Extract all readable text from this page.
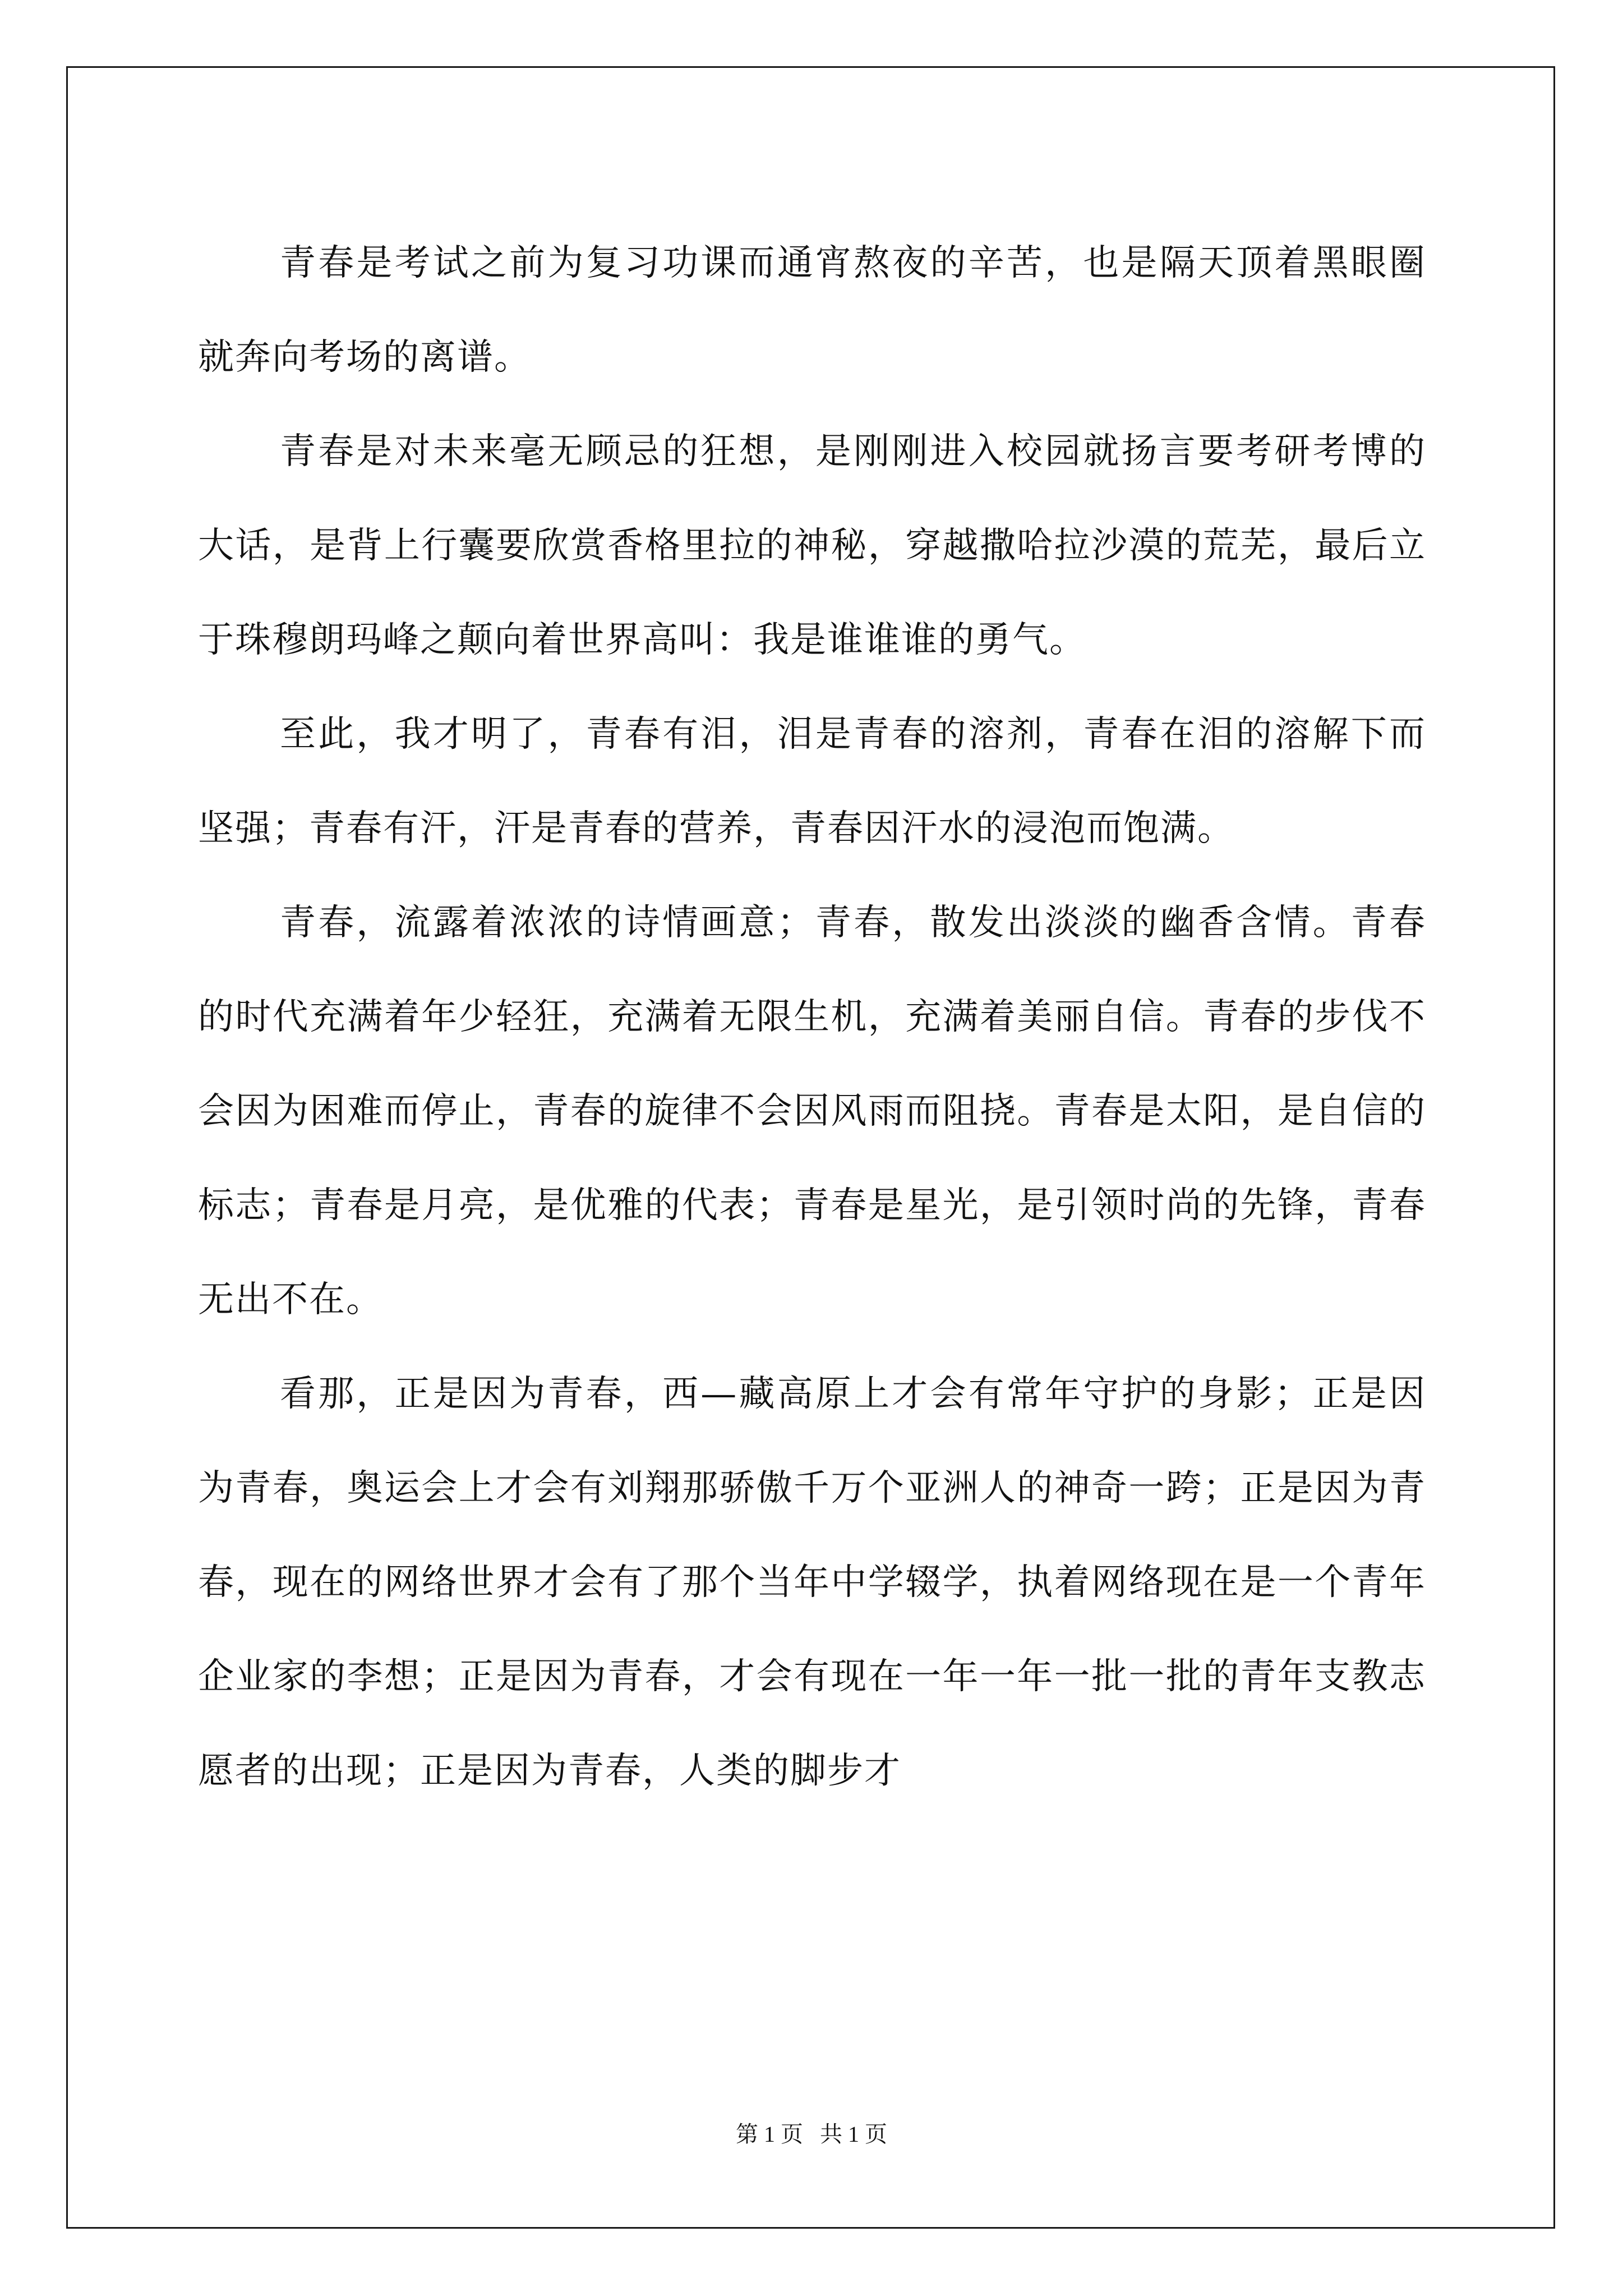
青春是考试之前为复习功课而通宵熬夜的辛苦，也是隔天顶着黑眼圈就奔向考场的离谱。

青春是对未来毫无顾忌的狂想，是刚刚进入校园就扬言要考研考博的大话，是背上行囊要欣赏香格里拉的神秘，穿越撒哈拉沙漠的荒芜，最后立于珠穆朗玛峰之颠向着世界高叫：我是谁谁谁的勇气。

至此，我才明了，青春有泪，泪是青春的溶剂，青春在泪的溶解下而坚强；青春有汗，汗是青春的营养，青春因汗水的浸泡而饱满。

青春，流露着浓浓的诗情画意；青春，散发出淡淡的幽香含情。青春的时代充满着年少轻狂，充满着无限生机，充满着美丽自信。青春的步伐不会因为困难而停止，青春的旋律不会因风雨而阻挠。青春是太阳，是自信的标志；青春是月亮，是优雅的代表；青春是星光，是引领时尚的先锋，青春无出不在。

看那，正是因为青春，西—藏高原上才会有常年守护的身影；正是因为青春，奥运会上才会有刘翔那骄傲千万个亚洲人的神奇一跨；正是因为青春，现在的网络世界才会有了那个当年中学辍学，执着网络现在是一个青年企业家的李想；正是因为青春，才会有现在一年一年一批一批的青年支教志愿者的出现；正是因为青春，人类的脚步才

第 1 页   共 1 页
